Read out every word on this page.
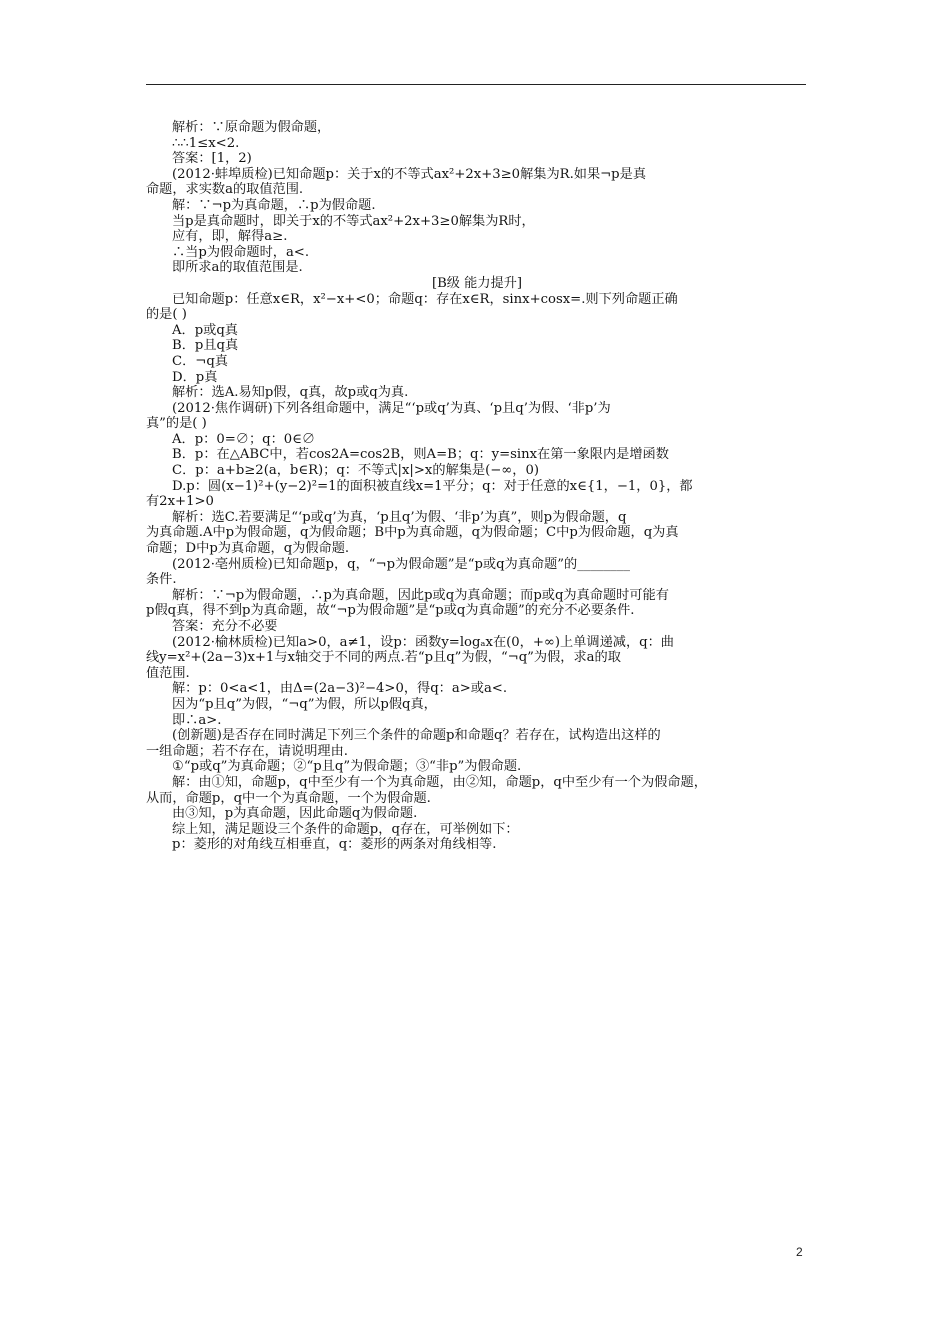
解析：∵原命题为假命题，
∴∴1≤x<2.
答案：[1，2)
(2012·蚌埠质检)已知命题p：关于x的不等式ax²+2x+3≥0解集为R.如果¬p是真
命题，求实数a的取值范围.
解：∵¬p为真命题，∴p为假命题.
当p是真命题时，即关于x的不等式ax²+2x+3≥0解集为R时，
应有，即，解得a≥.
∴当p为假命题时，a<.
即所求a的取值范围是.
[B级 能力提升]
已知命题p：任意x∈R，x²−x+<0；命题q：存在x∈R，sinx+cosx=.则下列命题正确
的是( )
A．p或q真
B．p且q真
C．¬q真
D．p真
解析：选A.易知p假，q真，故p或q为真.
(2012·焦作调研)下列各组命题中，满足“‘p或q’为真、‘p且q’为假、‘非p’为
真”的是( )
A．p：0=∅；q：0∈∅
B．p：在△ABC中，若cos2A=cos2B，则A=B；q：y=sinx在第一象限内是增函数
C．p：a+b≥2(a，b∈R)；q：不等式|x|>x的解集是(−∞，0)
D.p：圆(x−1)²+(y−2)²=1的面积被直线x=1平分；q：对于任意的x∈{1，−1，0}，都
有2x+1>0
解析：选C.若要满足“‘p或q’为真，‘p且q’为假、‘非p’为真”，则p为假命题，q
为真命题.A中p为假命题，q为假命题；B中p为真命题，q为假命题；C中p为假命题，q为真
命题；D中p为真命题，q为假命题.
(2012·亳州质检)已知命题p，q，“¬p为假命题”是“p或q为真命题”的________
条件.
解析：∵¬p为假命题，∴p为真命题，因此p或q为真命题；而p或q为真命题时可能有
p假q真，得不到p为真命题，故“¬p为假命题”是“p或q为真命题”的充分不必要条件.
答案：充分不必要
(2012·榆林质检)已知a>0，a≠1，设p：函数y=logₐx在(0，+∞)上单调递减，q：曲
线y=x²+(2a−3)x+1与x轴交于不同的两点.若“p且q”为假，“¬q”为假，求a的取
值范围.
解：p：0<a<1，由Δ=(2a−3)²−4>0，得q：a>或a<.
因为“p且q”为假，“¬q”为假，所以p假q真，
即∴a>.
(创新题)是否存在同时满足下列三个条件的命题p和命题q？若存在，试构造出这样的
一组命题；若不存在，请说明理由.
①“p或q”为真命题；②“p且q”为假命题；③“非p”为假命题.
解：由①知，命题p，q中至少有一个为真命题，由②知，命题p，q中至少有一个为假命题，
从而，命题p，q中一个为真命题，一个为假命题.
由③知，p为真命题，因此命题q为假命题.
综上知，满足题设三个条件的命题p，q存在，可举例如下：
p：菱形的对角线互相垂直，q：菱形的两条对角线相等.
2
